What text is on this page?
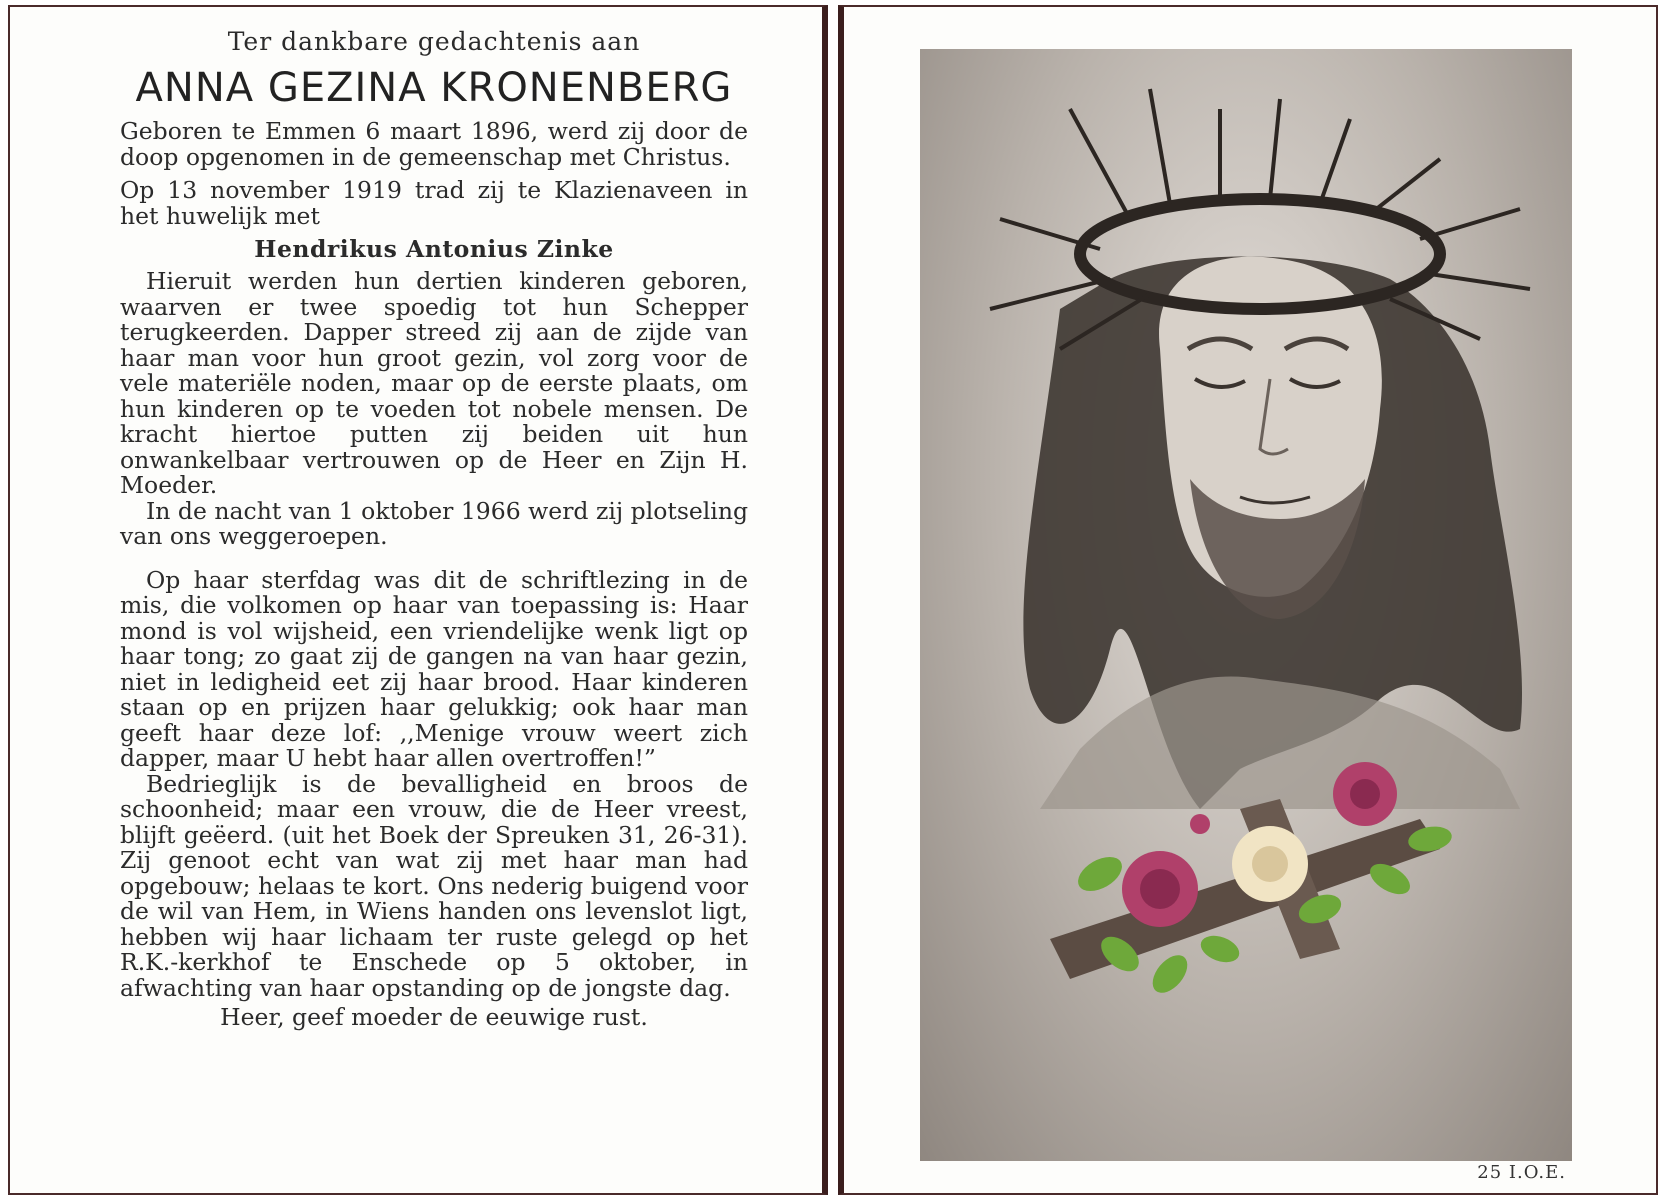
Ter dankbare gedachtenis aan
ANNA GEZINA KRONENBERG

Geboren te Emmen 6 maart 1896, werd zij door de doop opgenomen in de gemeenschap met Christus.

Op 13 november 1919 trad zij te Klazienaveen in het huwelijk met

Hendrikus Antonius Zinke

Hieruit werden hun dertien kinderen geboren, waarven er twee spoedig tot hun Schepper terugkeerden. Dapper streed zij aan de zijde van haar man voor hun groot gezin, vol zorg voor de vele materiële noden, maar op de eerste plaats, om hun kinderen op te voeden tot nobele mensen. De kracht hiertoe putten zij beiden uit hun onwankelbaar vertrouwen op de Heer en Zijn H. Moeder.

In de nacht van 1 oktober 1966 werd zij plotseling van ons weggeroepen.

Op haar sterfdag was dit de schriftlezing in de mis, die volkomen op haar van toepassing is: Haar mond is vol wijsheid, een vriendelijke wenk ligt op haar tong; zo gaat zij de gangen na van haar gezin, niet in ledigheid eet zij haar brood. Haar kinderen staan op en prijzen haar gelukkig; ook haar man geeft haar deze lof: ,,Menige vrouw weert zich dapper, maar U hebt haar allen overtroffen!”

Bedrieglijk is de bevalligheid en broos de schoonheid; maar een vrouw, die de Heer vreest, blijft geëerd. (uit het Boek der Spreuken 31, 26-31). Zij genoot echt van wat zij met haar man had opgebouw; helaas te kort. Ons nederig buigend voor de wil van Hem, in Wiens handen ons levenslot ligt, hebben wij haar lichaam ter ruste gelegd op het R.K.-kerkhof te Enschede op 5 oktober, in afwachting van haar opstanding op de jongste dag.

Heer, geef moeder de eeuwige rust.
25 I.O.E.
